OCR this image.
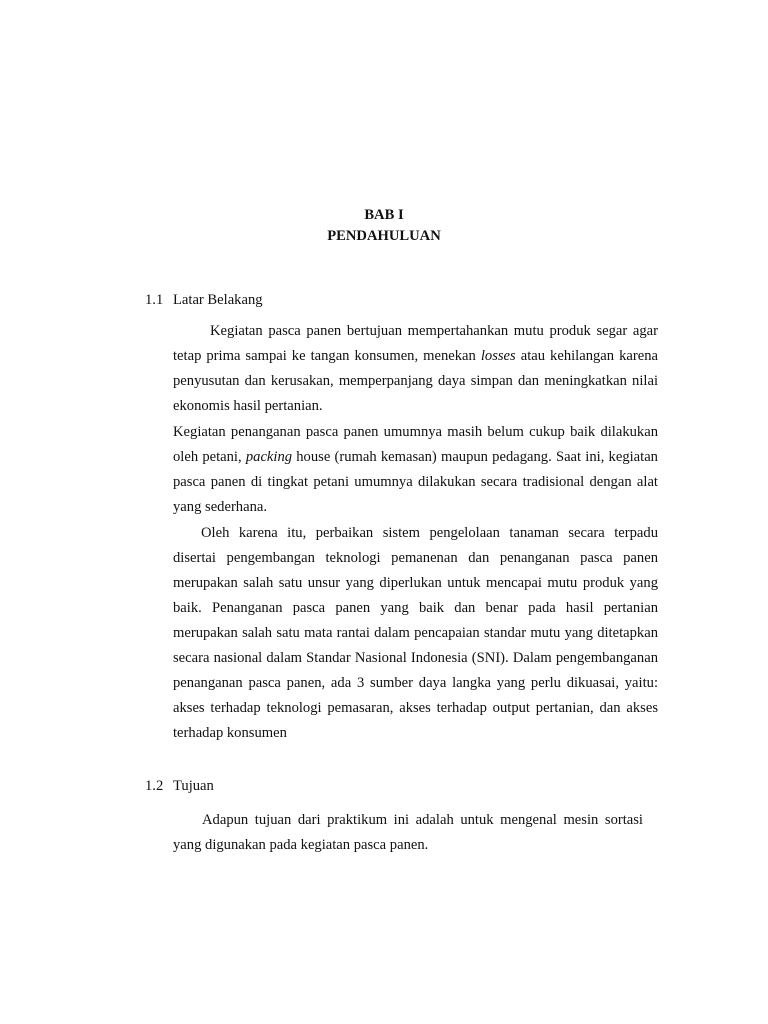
BAB I
PENDAHULUAN
1.1 Latar Belakang

Kegiatan pasca panen bertujuan mempertahankan mutu produk segar agar tetap prima sampai ke tangan konsumen, menekan losses atau kehilangan karena penyusutan dan kerusakan, memperpanjang daya simpan dan meningkatkan nilai ekonomis hasil pertanian.

Kegiatan penanganan pasca panen umumnya masih belum cukup baik dilakukan oleh petani, packing house (rumah kemasan) maupun pedagang. Saat ini, kegiatan pasca panen di tingkat petani umumnya dilakukan secara tradisional dengan alat yang sederhana.

Oleh karena itu, perbaikan sistem pengelolaan tanaman secara terpadu disertai pengembangan teknologi pemanenan dan penanganan pasca panen merupakan salah satu unsur yang diperlukan untuk mencapai mutu produk yang baik. Penanganan pasca panen yang baik dan benar pada hasil pertanian merupakan salah satu mata rantai dalam pencapaian standar mutu yang ditetapkan secara nasional dalam Standar Nasional Indonesia (SNI). Dalam pengembanganan penanganan pasca panen, ada 3 sumber daya langka yang perlu dikuasai, yaitu: akses terhadap teknologi pemasaran, akses terhadap output pertanian, dan akses terhadap konsumen

1.2 Tujuan

Adapun tujuan dari praktikum ini adalah untuk mengenal mesin sortasi yang digunakan pada kegiatan pasca panen.
